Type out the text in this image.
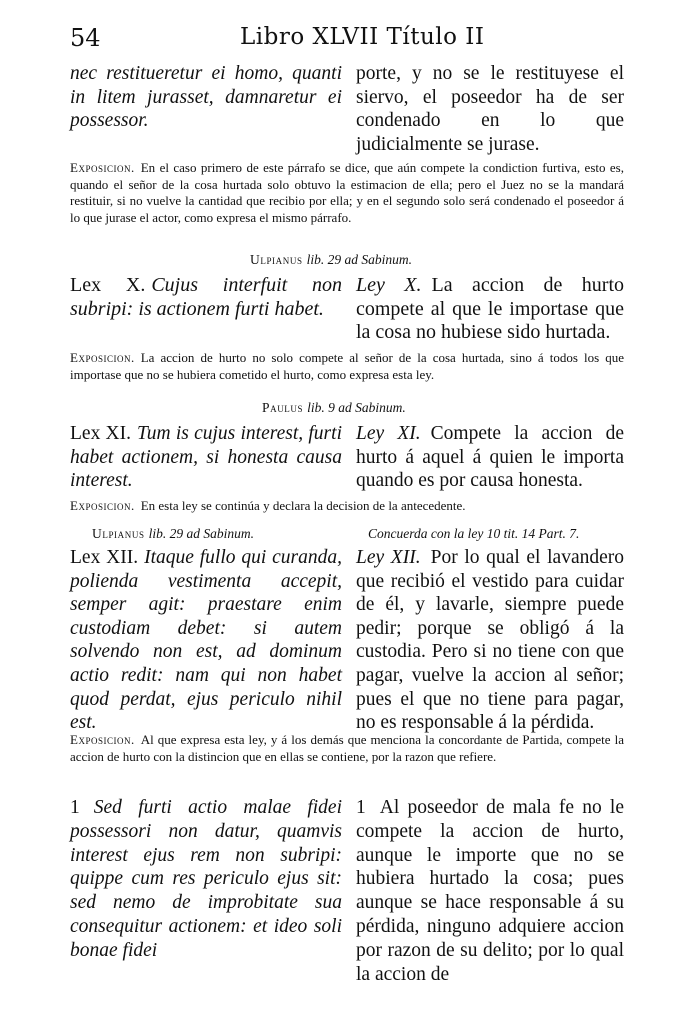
54	Libro XLVII Título II

nec restitueretur ei homo, quanti in litem jurasset, damnaretur ei possessor.

porte, y no se le restituyese el siervo, el poseedor ha de ser condenado en lo que judicialmente se jurase.

Exposicion. En el caso primero de este párrafo se dice, que aún compete la condiction furtiva, esto es, quando el señor de la cosa hurtada solo obtuvo la estimacion de ella; pero el Juez no se la mandará restituir, si no vuelve la cantidad que recibio por ella; y en el segundo solo será condenado el poseedor á lo que jurase el actor, como expresa el mismo párrafo.

Ulpianus lib. 29 ad Sabinum.

Lex X. Cujus interfuit non subripi: is actionem furti habet.

Ley X. La accion de hurto compete al que le importase que la cosa no hubiese sido hurtada.

Exposicion. La accion de hurto no solo compete al señor de la cosa hurtada, sino á todos los que importase que no se hubiera cometido el hurto, como expresa esta ley.

Paulus lib. 9 ad Sabinum.

Lex XI. Tum is cujus interest, furti habet actionem, si honesta causa interest.

Ley XI. Compete la accion de hurto á aquel á quien le importa quando es por causa honesta.

Exposicion. En esta ley se continúa y declara la decision de la antecedente.

Ulpianus lib. 29 ad Sabinum.	Concuerda con la ley 10 tit. 14 Part. 7.

Lex XII. Itaque fullo qui curanda, polienda vestimenta accepit, semper agit: praestare enim custodiam debet: si autem solvendo non est, ad dominum actio redit: nam qui non habet quod perdat, ejus periculo nihil est.

Ley XII. Por lo qual el lavandero que recibió el vestido para cuidar de él, y lavarle, siempre puede pedir; porque se obligó á la custodia. Pero si no tiene con que pagar, vuelve la accion al señor; pues el que no tiene para pagar, no es responsable á la pérdida.

Exposicion. Al que expresa esta ley, y á los demás que menciona la concordante de Partida, compete la accion de hurto con la distincion que en ellas se contiene, por la razon que refiere.

1 Sed furti actio malae fidei possessori non datur, quamvis interest ejus rem non subripi: quippe cum res periculo ejus sit: sed nemo de improbitate sua consequitur actionem: et ideo soli bonae fidei

1 Al poseedor de mala fe no le compete la accion de hurto, aunque le importe que no se hubiera hurtado la cosa; pues aunque se hace responsable á su pérdida, ninguno adquiere accion por razon de su delito; por lo qual la accion de
